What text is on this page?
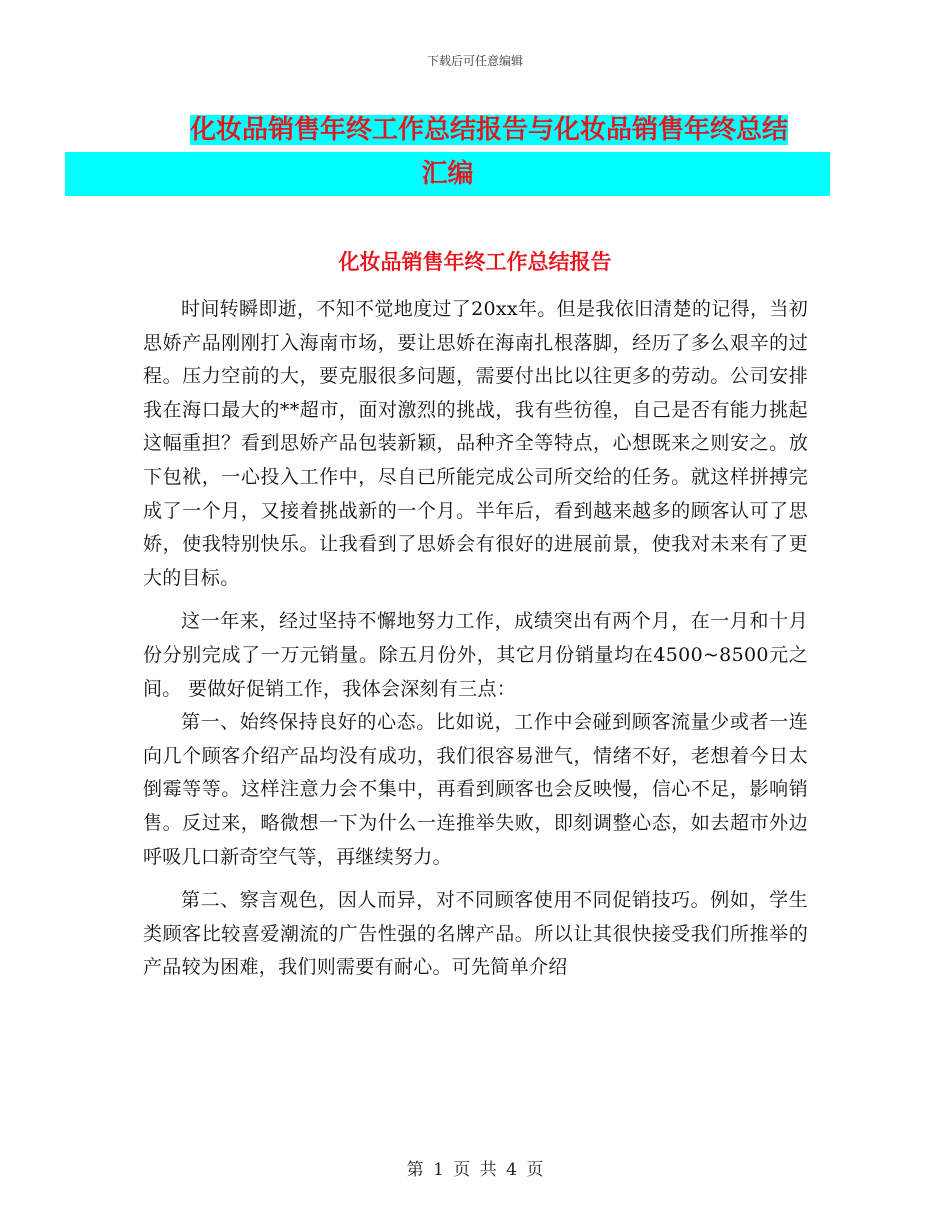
下载后可任意编辑
化妆品销售年终工作总结报告与化妆品销售年终总结

汇编
化妆品销售年终工作总结报告

时间转瞬即逝，不知不觉地度过了20xx年。但是我依旧清楚的记得，当初思娇产品刚刚打入海南市场，要让思娇在海南扎根落脚，经历了多么艰辛的过程。压力空前的大，要克服很多问题，需要付出比以往更多的劳动。公司安排我在海口最大的**超市，面对激烈的挑战，我有些彷徨，自己是否有能力挑起这幅重担？看到思娇产品包装新颖，品种齐全等特点，心想既来之则安之。放下包袱，一心投入工作中，尽自已所能完成公司所交给的任务。就这样拼搏完成了一个月，又接着挑战新的一个月。半年后，看到越来越多的顾客认可了思娇，使我特别快乐。让我看到了思娇会有很好的进展前景，使我对未来有了更大的目标。

这一年来，经过坚持不懈地努力工作，成绩突出有两个月，在一月和十月份分别完成了一万元销量。除五月份外，其它月份销量均在4500~8500元之间。 要做好促销工作，我体会深刻有三点：

第一、始终保持良好的心态。比如说，工作中会碰到顾客流量少或者一连向几个顾客介绍产品均没有成功，我们很容易泄气，情绪不好，老想着今日太倒霉等等。这样注意力会不集中，再看到顾客也会反映慢，信心不足，影响销售。反过来，略微想一下为什么一连推举失败，即刻调整心态，如去超市外边呼吸几口新奇空气等，再继续努力。

第二、察言观色，因人而异，对不同顾客使用不同促销技巧。例如，学生类顾客比较喜爱潮流的广告性强的名牌产品。所以让其很快接受我们所推举的产品较为困难，我们则需要有耐心。可先简单介绍

第 1 页 共 4 页
